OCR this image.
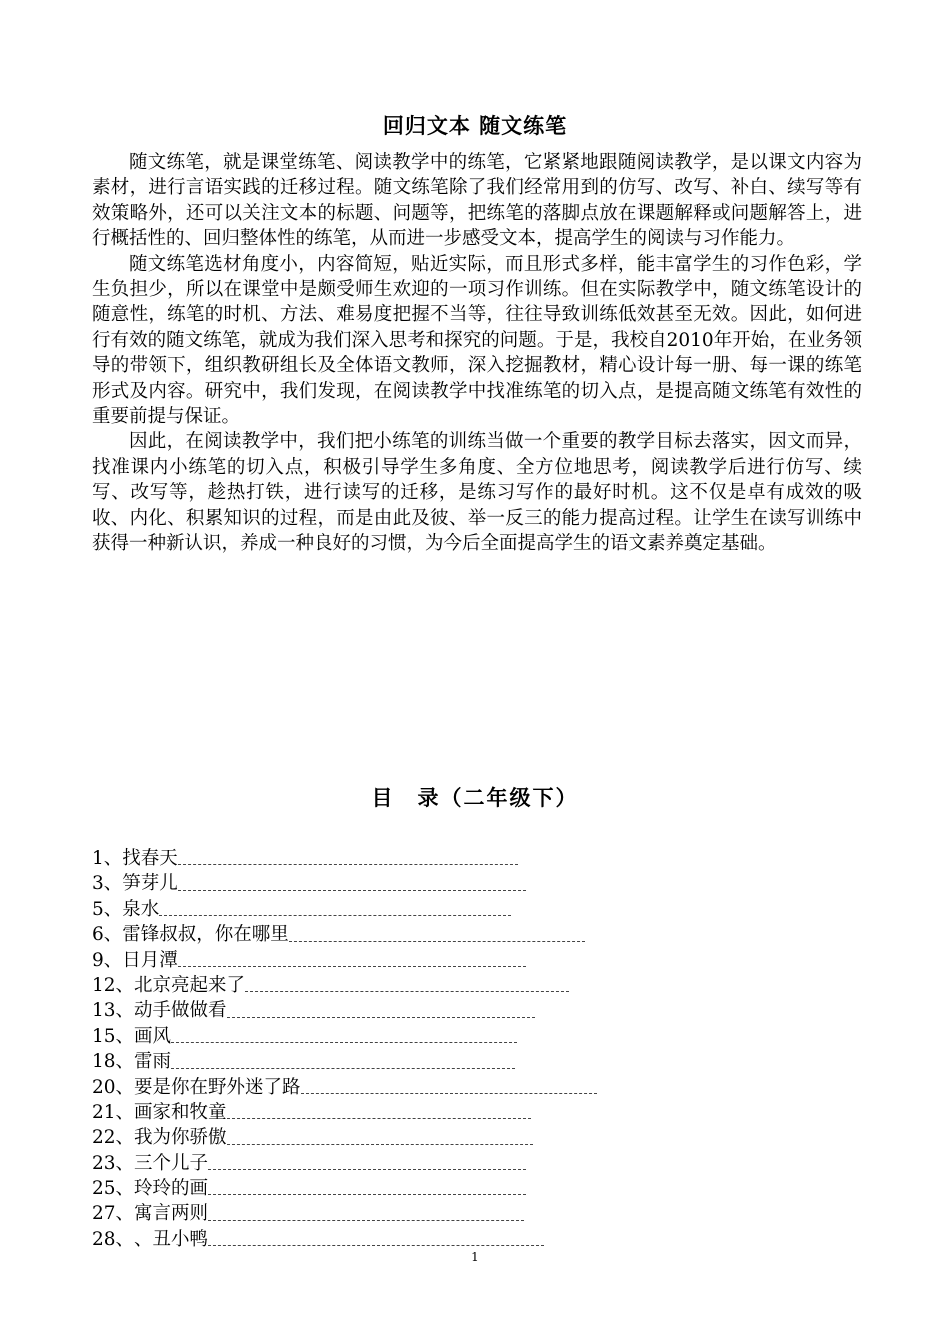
回归文本 随文练笔

随文练笔，就是课堂练笔、阅读教学中的练笔，它紧紧地跟随阅读教学，是以课文内容为素材，进行言语实践的迁移过程。随文练笔除了我们经常用到的仿写、改写、补白、续写等有效策略外，还可以关注文本的标题、问题等，把练笔的落脚点放在课题解释或问题解答上，进行概括性的、回归整体性的练笔，从而进一步感受文本，提高学生的阅读与习作能力。

随文练笔选材角度小，内容简短，贴近实际，而且形式多样，能丰富学生的习作色彩，学生负担少，所以在课堂中是颇受师生欢迎的一项习作训练。但在实际教学中，随文练笔设计的随意性，练笔的时机、方法、难易度把握不当等，往往导致训练低效甚至无效。因此，如何进行有效的随文练笔，就成为我们深入思考和探究的问题。于是，我校自2010年开始，在业务领导的带领下，组织教研组长及全体语文教师，深入挖掘教材，精心设计每一册、每一课的练笔形式及内容。研究中，我们发现，在阅读教学中找准练笔的切入点，是提高随文练笔有效性的重要前提与保证。

因此，在阅读教学中，我们把小练笔的训练当做一个重要的教学目标去落实，因文而异，找准课内小练笔的切入点，积极引导学生多角度、全方位地思考，阅读教学后进行仿写、续写、改写等，趁热打铁，进行读写的迁移，是练习写作的最好时机。这不仅是卓有成效的吸收、内化、积累知识的过程，而是由此及彼、举一反三的能力提高过程。让学生在读写训练中获得一种新认识，养成一种良好的习惯，为今后全面提高学生的语文素养奠定基础。

目　录（二年级下）
1、 找春天
3、 笋芽儿
5、 泉水
6、 雷锋叔叔，你在哪里
9、 日月潭
12、 北京亮起来了
13、 动手做做看
15、 画风
18、 雷雨
20、 要是你在野外迷了路
21、 画家和牧童
22、 我为你骄傲
23、 三个儿子
25、 玲玲的画
27、 寓言两则
28、 、丑小鸭
1
